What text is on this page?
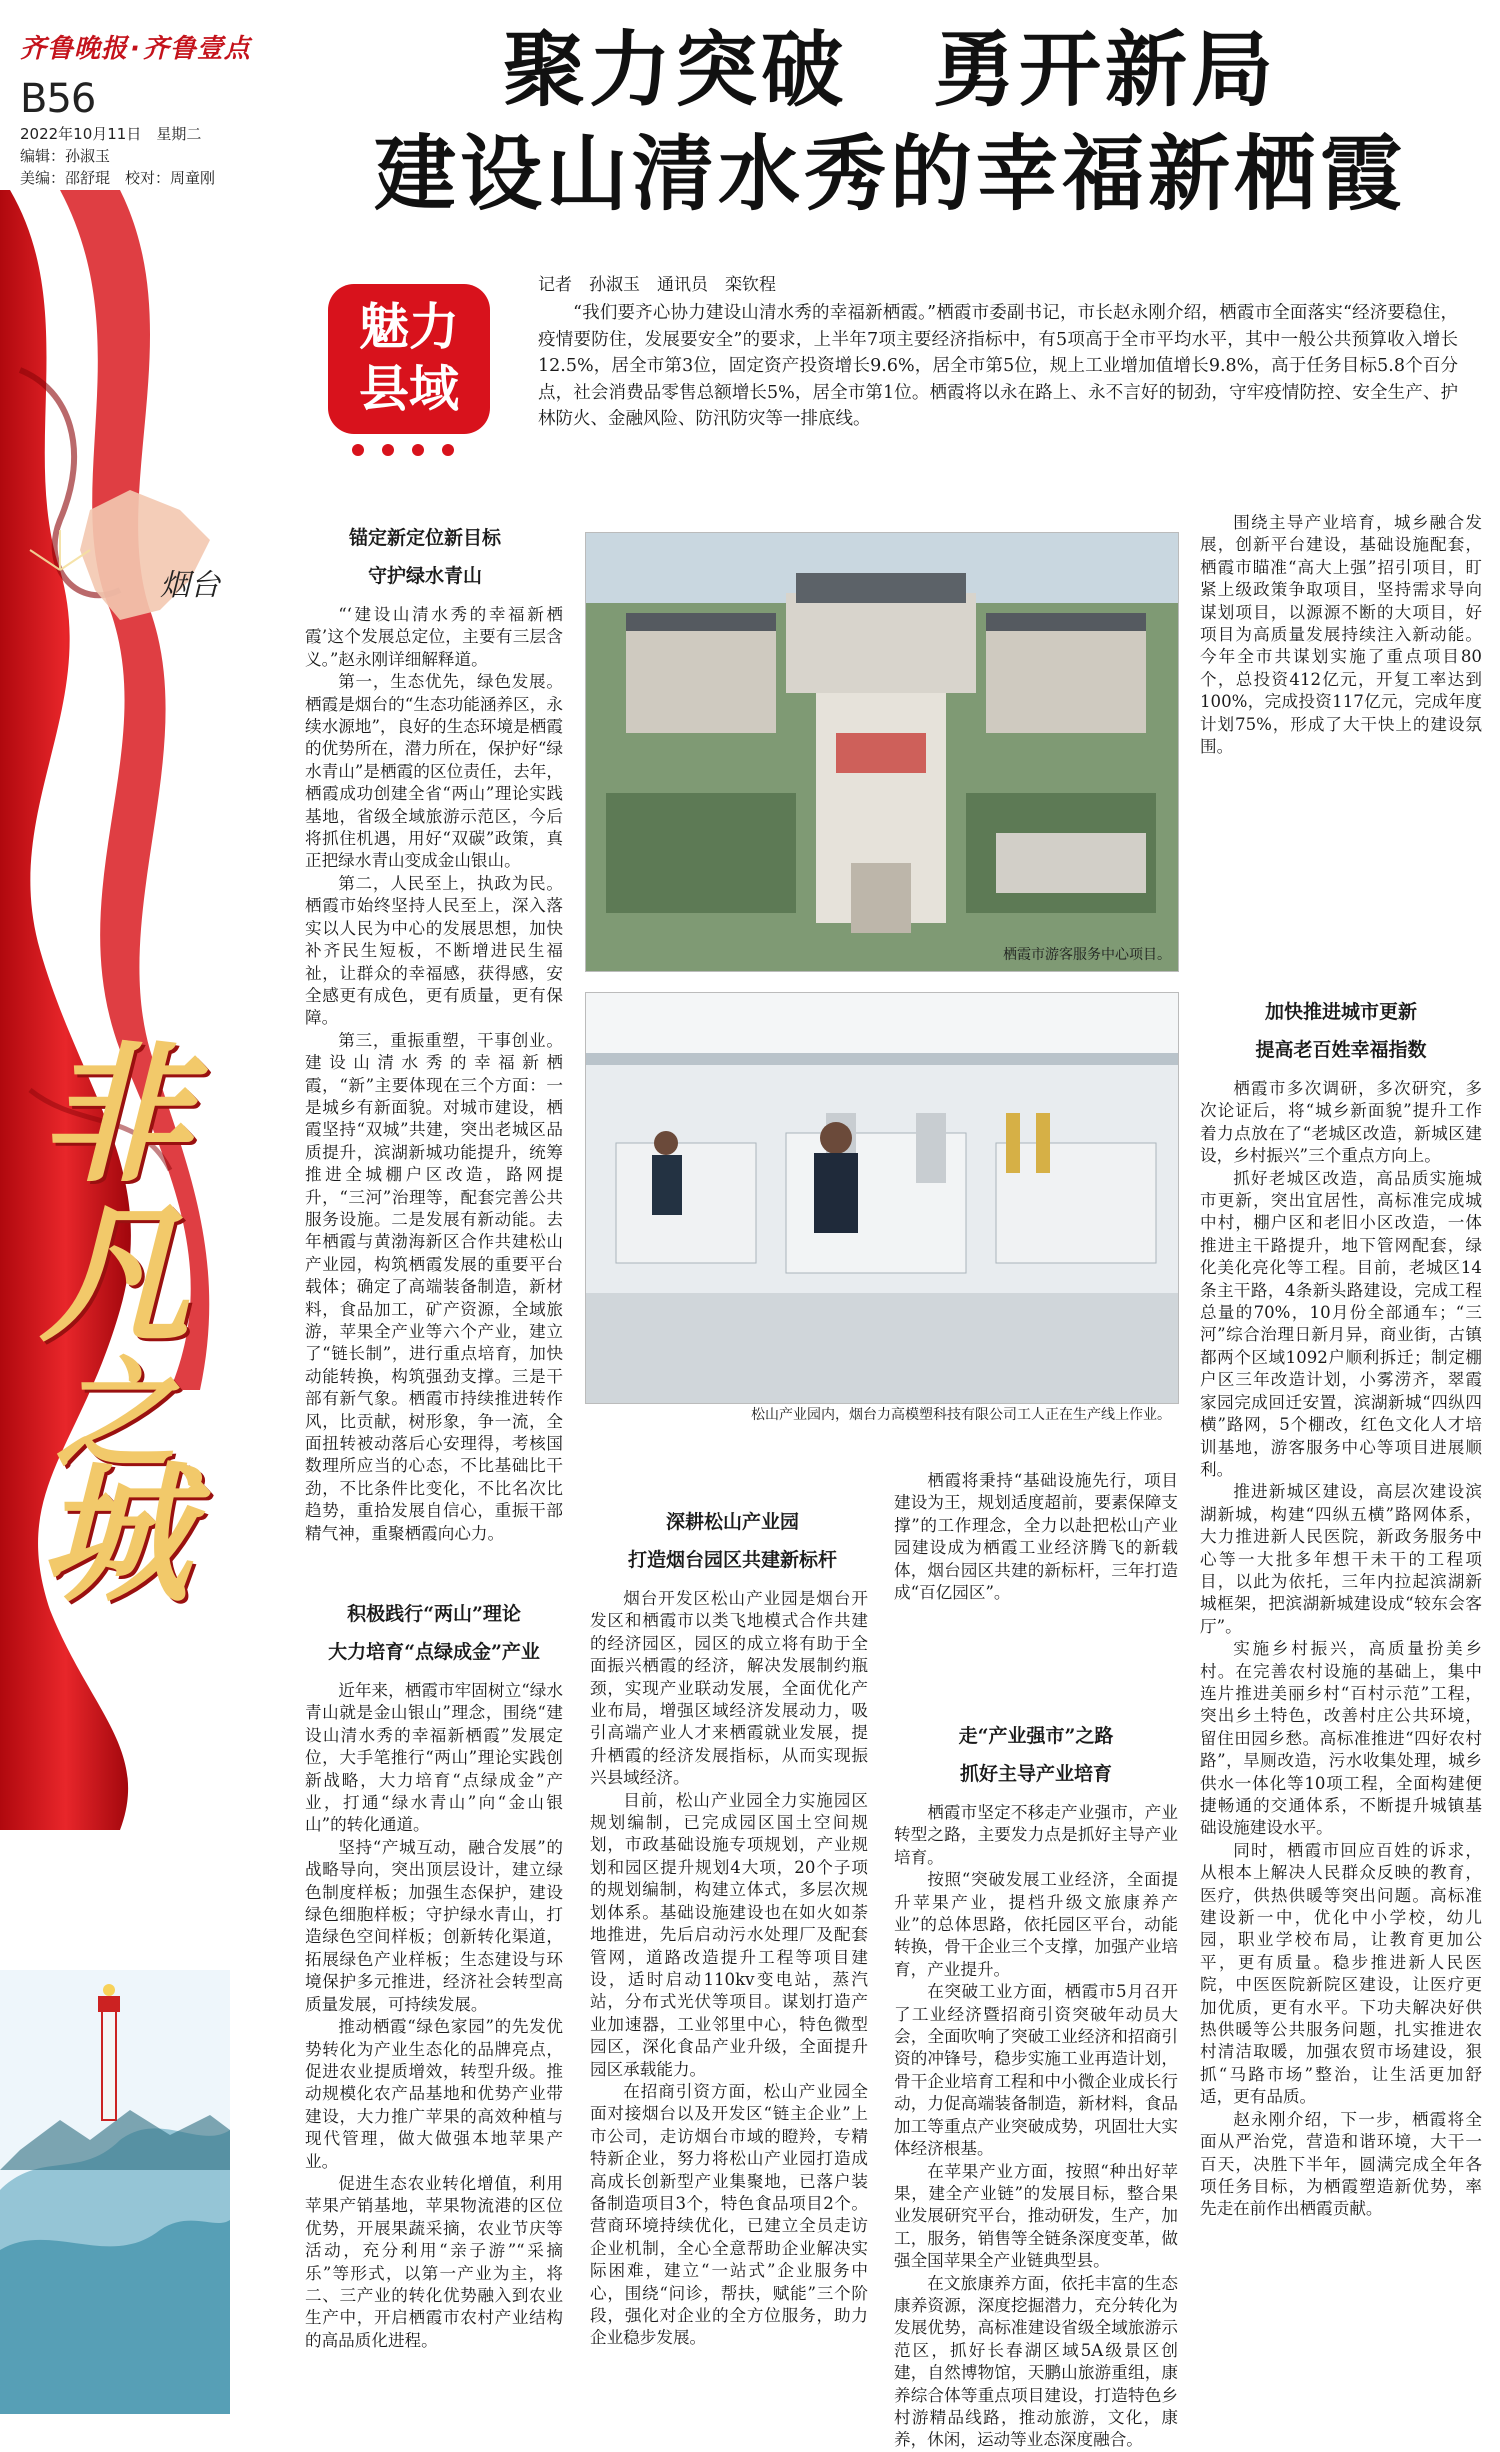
齐鲁晚报·齐鲁壹点
B56
2022年10月11日　星期二
编辑：孙淑玉
美编：邵舒琨　校对：周童刚
聚力突破　勇开新局
建设山清水秀的幸福新栖霞
烟台
非
凡
之
城
魅力
县域
记者　孙淑玉　通讯员　栾钦程
“我们要齐心协力建设山清水秀的幸福新栖霞。”栖霞市委副书记，市长赵永刚介绍，栖霞市全面落实“经济要稳住，疫情要防住，发展要安全”的要求，上半年7项主要经济指标中，有5项高于全市平均水平，其中一般公共预算收入增长12.5%，居全市第3位，固定资产投资增长9.6%，居全市第5位，规上工业增加值增长9.8%，高于任务目标5.8个百分点，社会消费品零售总额增长5%，居全市第1位。栖霞将以永在路上、永不言好的韧劲，守牢疫情防控、安全生产、护林防火、金融风险、防汛防灾等一排底线。
锚定新定位新目标
守护绿水青山

“‘建设山清水秀的幸福新栖霞’这个发展总定位，主要有三层含义。”赵永刚详细解释道。

第一，生态优先，绿色发展。栖霞是烟台的“生态功能涵养区，永续水源地”，良好的生态环境是栖霞的优势所在，潜力所在，保护好“绿水青山”是栖霞的区位责任，去年，栖霞成功创建全省“两山”理论实践基地，省级全域旅游示范区，今后将抓住机遇，用好“双碳”政策，真正把绿水青山变成金山银山。

第二，人民至上，执政为民。栖霞市始终坚持人民至上，深入落实以人民为中心的发展思想，加快补齐民生短板，不断增进民生福祉，让群众的幸福感，获得感，安全感更有成色，更有质量，更有保障。

第三，重振重塑，干事创业。建设山清水秀的幸福新栖霞，“新”主要体现在三个方面：一是城乡有新面貌。对城市建设，栖霞坚持“双城”共建，突出老城区品质提升，滨湖新城功能提升，统筹推进全城棚户区改造，路网提升，“三河”治理等，配套完善公共服务设施。二是发展有新动能。去年栖霞与黄渤海新区合作共建松山产业园，构筑栖霞发展的重要平台载体；确定了高端装备制造，新材料，食品加工，矿产资源，全域旅游，苹果全产业等六个产业，建立了“链长制”，进行重点培育，加快动能转换，构筑强劲支撑。三是干部有新气象。栖霞市持续推进转作风，比贡献，树形象，争一流，全面扭转被动落后心安理得，考核国数理所应当的心态，不比基础比干劲，不比条件比变化，不比名次比趋势，重拾发展自信心，重振干部精气神，重聚栖霞向心力。

积极践行“两山”理论
大力培育“点绿成金”产业

近年来，栖霞市牢固树立“绿水青山就是金山银山”理念，围绕“建设山清水秀的幸福新栖霞”发展定位，大手笔推行“两山”理论实践创新战略，大力培育“点绿成金”产业，打通“绿水青山”向“金山银山”的转化通道。

坚持“产城互动，融合发展”的战略导向，突出顶层设计，建立绿色制度样板；加强生态保护，建设绿色细胞样板；守护绿水青山，打造绿色空间样板；创新转化渠道，拓展绿色产业样板；生态建设与环境保护多元推进，经济社会转型高质量发展，可持续发展。

推动栖霞“绿色家园”的先发优势转化为产业生态化的品牌亮点，促进农业提质增效，转型升级。推动规模化农产品基地和优势产业带建设，大力推广苹果的高效种植与现代管理，做大做强本地苹果产业。

促进生态农业转化增值，利用苹果产销基地，苹果物流港的区位优势，开展果蔬采摘，农业节庆等活动，充分利用“亲子游”“采摘乐”等形式，以第一产业为主，将二、三产业的转化优势融入到农业生产中，开启栖霞市农村产业结构的高品质化进程。

栖霞市游客服务中心项目。
松山产业园内，烟台力高模塑科技有限公司工人正在生产线上作业。
深耕松山产业园
打造烟台园区共建新标杆

烟台开发区松山产业园是烟台开发区和栖霞市以类飞地模式合作共建的经济园区，园区的成立将有助于全面振兴栖霞的经济，解决发展制约瓶颈，实现产业联动发展，全面优化产业布局，增强区域经济发展动力，吸引高端产业人才来栖霞就业发展，提升栖霞的经济发展指标，从而实现振兴县域经济。

目前，松山产业园全力实施园区规划编制，已完成园区国土空间规划，市政基础设施专项规划，产业规划和园区提升规划4大项，20个子项的规划编制，构建立体式，多层次规划体系。基础设施建设也在如火如荼地推进，先后启动污水处理厂及配套管网，道路改造提升工程等项目建设，适时启动110kv变电站，蒸汽站，分布式光伏等项目。谋划打造产业加速器，工业邻里中心，特色微型园区，深化食品产业升级，全面提升园区承载能力。

在招商引资方面，松山产业园全面对接烟台以及开发区“链主企业”上市公司，走访烟台市域的瞪羚，专精特新企业，努力将松山产业园打造成高成长创新型产业集聚地，已落户装备制造项目3个，特色食品项目2个。营商环境持续优化，已建立全员走访企业机制，全心全意帮助企业解决实际困难，建立“一站式”企业服务中心，围绕“问诊，帮扶，赋能”三个阶段，强化对企业的全方位服务，助力企业稳步发展。

栖霞将秉持“基础设施先行，项目建设为王，规划适度超前，要素保障支撑”的工作理念，全力以赴把松山产业园建设成为栖霞工业经济腾飞的新载体，烟台园区共建的新标杆，三年打造成“百亿园区”。

走“产业强市”之路
抓好主导产业培育

栖霞市坚定不移走产业强市，产业转型之路，主要发力点是抓好主导产业培育。

按照“突破发展工业经济，全面提升苹果产业，提档升级文旅康养产业”的总体思路，依托园区平台，动能转换，骨干企业三个支撑，加强产业培育，产业提升。

在突破工业方面，栖霞市5月召开了工业经济暨招商引资突破年动员大会，全面吹响了突破工业经济和招商引资的冲锋号，稳步实施工业再造计划，骨干企业培育工程和中小微企业成长行动，力促高端装备制造，新材料，食品加工等重点产业突破成势，巩固壮大实体经济根基。

在苹果产业方面，按照“种出好苹果，建全产业链”的发展目标，整合果业发展研究平台，推动研发，生产，加工，服务，销售等全链条深度变革，做强全国苹果全产业链典型县。

在文旅康养方面，依托丰富的生态康养资源，深度挖掘潜力，充分转化为发展优势，高标准建设省级全域旅游示范区，抓好长春湖区域5A级景区创建，自然博物馆，天鹏山旅游重组，康养综合体等重点项目建设，打造特色乡村游精品线路，推动旅游，文化，康养，休闲，运动等业态深度融合。

围绕主导产业培育，城乡融合发展，创新平台建设，基础设施配套，栖霞市瞄准“高大上强”招引项目，盯紧上级政策争取项目，坚持需求导向谋划项目，以源源不断的大项目，好项目为高质量发展持续注入新动能。今年全市共谋划实施了重点项目80个，总投资412亿元，开复工率达到100%，完成投资117亿元，完成年度计划75%，形成了大干快上的建设氛围。

加快推进城市更新
提高老百姓幸福指数

栖霞市多次调研，多次研究，多次论证后，将“城乡新面貌”提升工作着力点放在了“老城区改造，新城区建设，乡村振兴”三个重点方向上。

抓好老城区改造，高品质实施城市更新，突出宜居性，高标准完成城中村，棚户区和老旧小区改造，一体推进主干路提升，地下管网配套，绿化美化亮化等工程。目前，老城区14条主干路，4条新头路建设，完成工程总量的70%，10月份全部通车；“三河”综合治理日新月异，商业街，古镇都两个区域1092户顺利拆迁；制定棚户区三年改造计划，小雾涝齐，翠霞家园完成回迁安置，滨湖新城“四纵四横”路网，5个棚改，红色文化人才培训基地，游客服务中心等项目进展顺利。

推进新城区建设，高层次建设滨湖新城，构建“四纵五横”路网体系，大力推进新人民医院，新政务服务中心等一大批多年想干未干的工程项目，以此为依托，三年内拉起滨湖新城框架，把滨湖新城建设成“较东会客厅”。

实施乡村振兴，高质量扮美乡村。在完善农村设施的基础上，集中连片推进美丽乡村“百村示范”工程，突出乡土特色，改善村庄公共环境，留住田园乡愁。高标准推进“四好农村路”，旱厕改造，污水收集处理，城乡供水一体化等10项工程，全面构建便捷畅通的交通体系，不断提升城镇基础设施建设水平。

同时，栖霞市回应百姓的诉求，从根本上解决人民群众反映的教育，医疗，供热供暖等突出问题。高标准建设新一中，优化中小学校，幼儿园，职业学校布局，让教育更加公平，更有质量。稳步推进新人民医院，中医医院新院区建设，让医疗更加优质，更有水平。下功夫解决好供热供暖等公共服务问题，扎实推进农村清洁取暖，加强农贸市场建设，狠抓“马路市场”整治，让生活更加舒适，更有品质。

赵永刚介绍，下一步，栖霞将全面从严治党，营造和谐环境，大干一百天，决胜下半年，圆满完成全年各项任务目标，为栖霞塑造新优势，率先走在前作出栖霞贡献。
